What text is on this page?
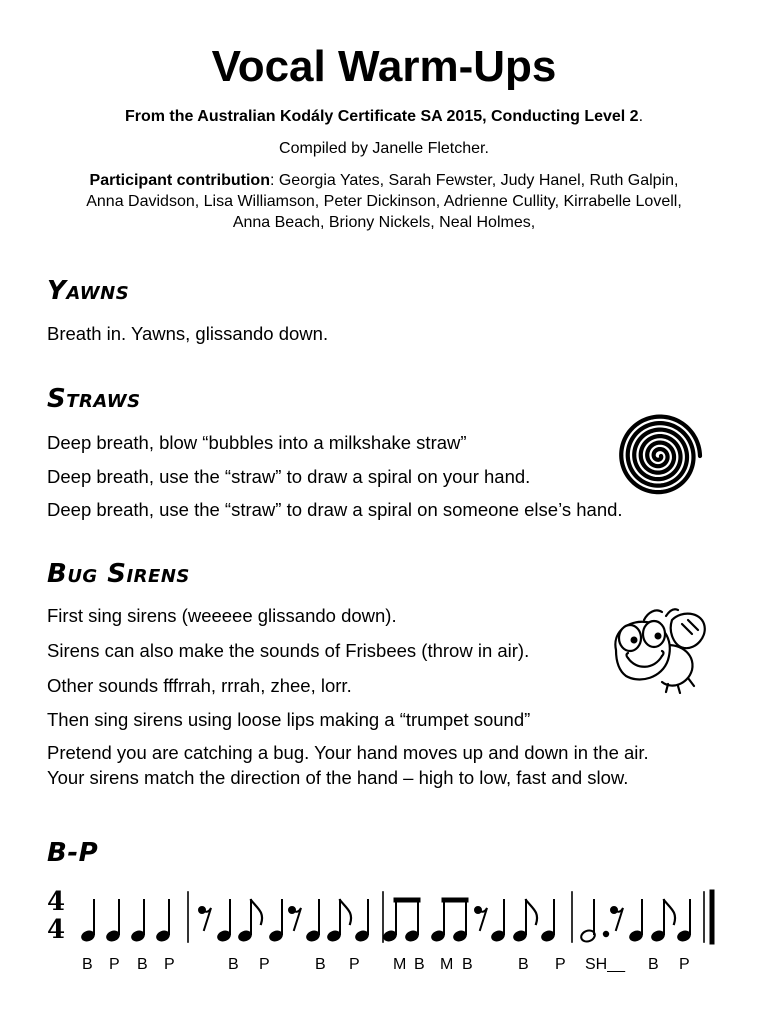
Vocal Warm-Ups
From the Australian Kodály Certificate SA 2015, Conducting Level 2.
Compiled by Janelle Fletcher.
Participant contribution: Georgia Yates, Sarah Fewster, Judy Hanel, Ruth Galpin,
Anna Davidson, Lisa Williamson, Peter Dickinson, Adrienne Cullity, Kirrabelle Lovell,
Anna Beach, Briony Nickels, Neal Holmes,
Yawns
Breath in. Yawns, glissando down.
Straws
Deep breath, blow “bubbles into a milkshake straw”
Deep breath, use the “straw” to draw a spiral on your hand.
Deep breath, use the “straw” to draw a spiral on someone else’s hand.
Bug Sirens
First sing sirens (weeeee glissando down).
Sirens can also make the sounds of Frisbees (throw in air).
Other sounds fffrrah, rrrah, zhee, lorr.
Then sing sirens using loose lips making a “trumpet sound”
Pretend you are catching a bug. Your hand moves up and down in the air.
Your sirens match the direction of the hand – high to low, fast and slow.
B-P
4
4
B P B P	B P	B P M B M B	B P SH__ B P
